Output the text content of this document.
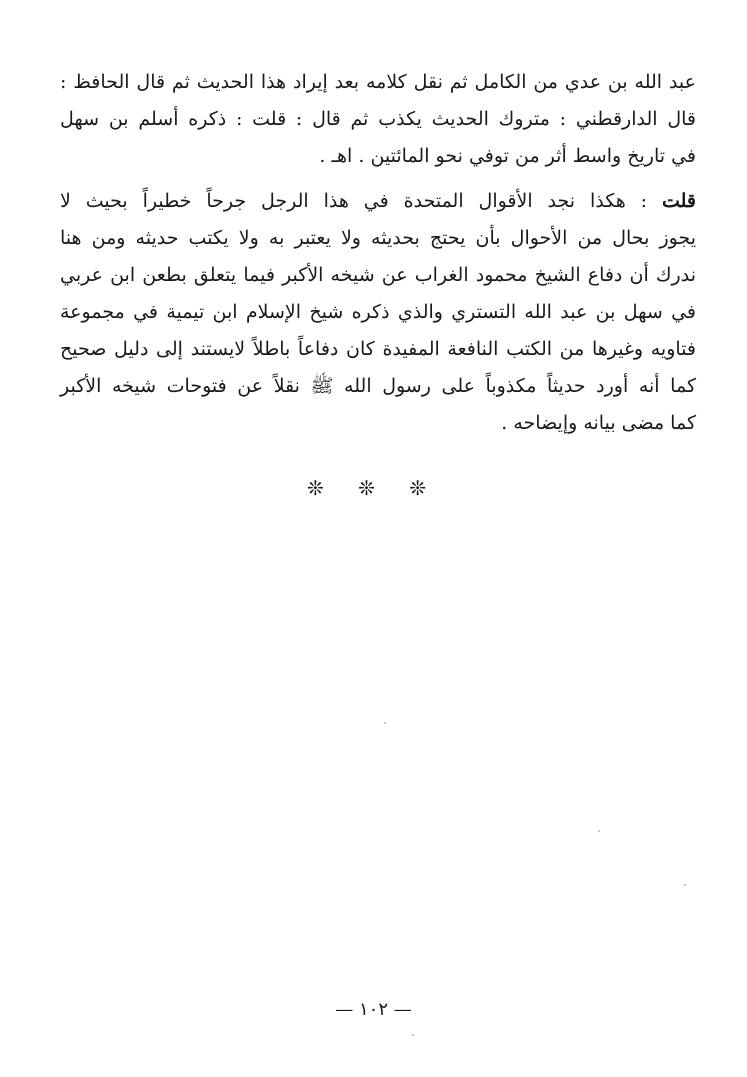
عبد الله بن عدي من الكامل ثم نقل كلامه بعد إيراد هذا الحديث ثم قال الحافظ :
قال الدارقطني : متروك الحديث يكذب ثم قال : قلت : ذكره أسلم بن سهل
في تاريخ واسط أثر من توفي نحو المائتين . اهـ .
قلت : هكذا نجد الأقوال المتحدة في هذا الرجل جرحاً خطيراً بحيث لا
يجوز بحال من الأحوال بأن يحتج بحديثه ولا يعتبر به ولا يكتب حديثه ومن هنا
ندرك أن دفاع الشيخ محمود الغراب عن شيخه الأكبر فيما يتعلق بطعن ابن عربي
في سهل بن عبد الله التستري والذي ذكره شيخ الإسلام ابن تيمية في مجموعة
فتاويه وغيرها من الكتب النافعة المفيدة كان دفاعاً باطلاً لايستند إلى دليل صحيح
كما أنه أورد حديثاً مكذوباً على رسول الله ﷺ نقلاً عن فتوحات شيخه الأكبر
كما مضى بيانه وإيضاحه .
❊ ❊ ❊
— ١٠٢ —
